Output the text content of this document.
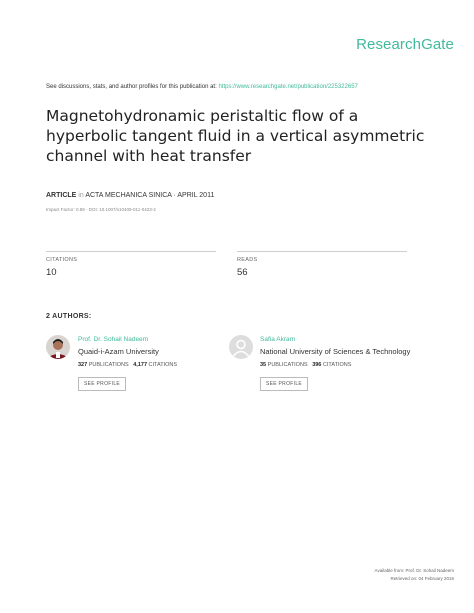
ResearchGate
See discussions, stats, and author profiles for this publication at: https://www.researchgate.net/publication/225322657
Magnetohydronamic peristaltic flow of a
hyperbolic tangent fluid in a vertical asymmetric
channel with heat transfer
ARTICLE in ACTA MECHANICA SINICA · APRIL 2011
Impact Factor: 0.89 · DOI: 10.1007/s10409-011-0423-2
CITATIONS
10
READS
56
2 AUTHORS:
Prof. Dr. Sohail Nadeem
Quaid-i-Azam University
327 PUBLICATIONS 4,177 CITATIONS
SEE PROFILE
Safia Akram
National University of Sciences & Technology
35 PUBLICATIONS 396 CITATIONS
SEE PROFILE
Available from: Prof. Dr. Sohail Nadeem
Retrieved on: 04 February 2016
